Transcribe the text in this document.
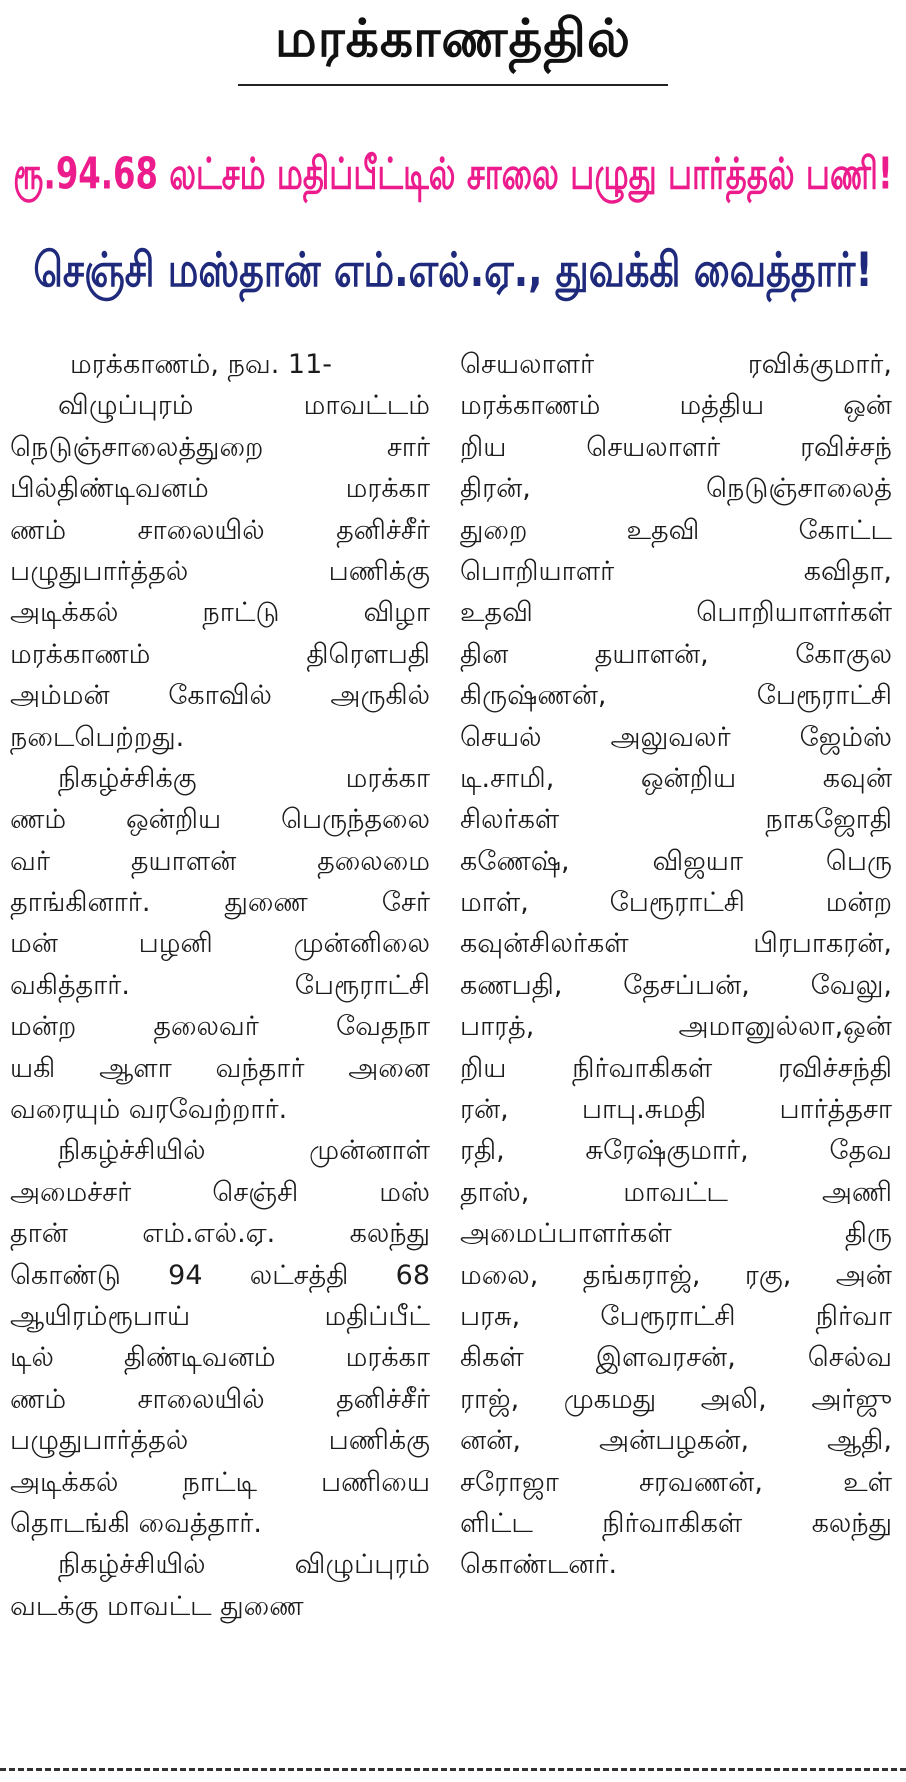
மரக்காணத்தில்
ரூ.94.68 லட்சம் மதிப்பீட்டில் சாலை பழுது பார்த்தல் பணி!
செஞ்சி மஸ்தான் எம்.எல்.ஏ., துவக்கி வைத்தார்!
மரக்காணம், நவ. 11-
விழுப்புரம் மாவட்டம்
நெடுஞ்சாலைத்துறை சார்
பில்திண்டிவனம் மரக்கா
ணம் சாலையில் தனிச்சீர்
பழுதுபார்த்தல் பணிக்கு
அடிக்கல் நாட்டு விழா
மரக்காணம் திரெளபதி
அம்மன் கோவில் அருகில்
நடைபெற்றது.
நிகழ்ச்சிக்கு மரக்கா
ணம் ஒன்றிய பெருந்தலை
வர் தயாளன் தலைமை
தாங்கினார். துணை சேர்
மன் பழனி முன்னிலை
வகித்தார். பேரூராட்சி
மன்ற தலைவர் வேதநா
யகி ஆளா வந்தார் அனை
வரையும் வரவேற்றார்.
நிகழ்ச்சியில் முன்னாள்
அமைச்சர் செஞ்சி மஸ்
தான் எம்.எல்.ஏ. கலந்து
கொண்டு 94 லட்சத்தி 68
ஆயிரம்ரூபாய் மதிப்பீட்
டில் திண்டிவனம் மரக்கா
ணம் சாலையில் தனிச்சீர்
பழுதுபார்த்தல் பணிக்கு
அடிக்கல் நாட்டி பணியை
தொடங்கி வைத்தார்.
நிகழ்ச்சியில் விழுப்புரம்
வடக்கு மாவட்ட துணை
செயலாளர் ரவிக்குமார்,
மரக்காணம் மத்திய ஒன்
றிய செயலாளர் ரவிச்சந்
திரன், நெடுஞ்சாலைத்
துறை உதவி கோட்ட
பொறியாளர் கவிதா,
உதவி பொறியாளர்கள்
தின தயாளன், கோகுல
கிருஷ்ணன், பேரூராட்சி
செயல் அலுவலர் ஜேம்ஸ்
டி.சாமி, ஒன்றிய கவுன்
சிலர்கள் நாகஜோதி
கணேஷ், விஜயா பெரு
மாள், பேரூராட்சி மன்ற
கவுன்சிலர்கள் பிரபாகரன்,
கணபதி, தேசப்பன், வேலு,
பாரத், அமானுல்லா,ஒன்
றிய நிர்வாகிகள் ரவிச்சந்தி
ரன், பாபு.சுமதி பார்த்தசா
ரதி, சுரேஷ்குமார், தேவ
தாஸ், மாவட்ட அணி
அமைப்பாளர்கள் திரு
மலை, தங்கராஜ், ரகு, அன்
பரசு, பேரூராட்சி நிர்வா
கிகள் இளவரசன், செல்வ
ராஜ், முகமது அலி, அர்ஜு
னன், அன்பழகன், ஆதி,
சரோஜா சரவணன், உள்
ளிட்ட நிர்வாகிகள் கலந்து
கொண்டனர்.
